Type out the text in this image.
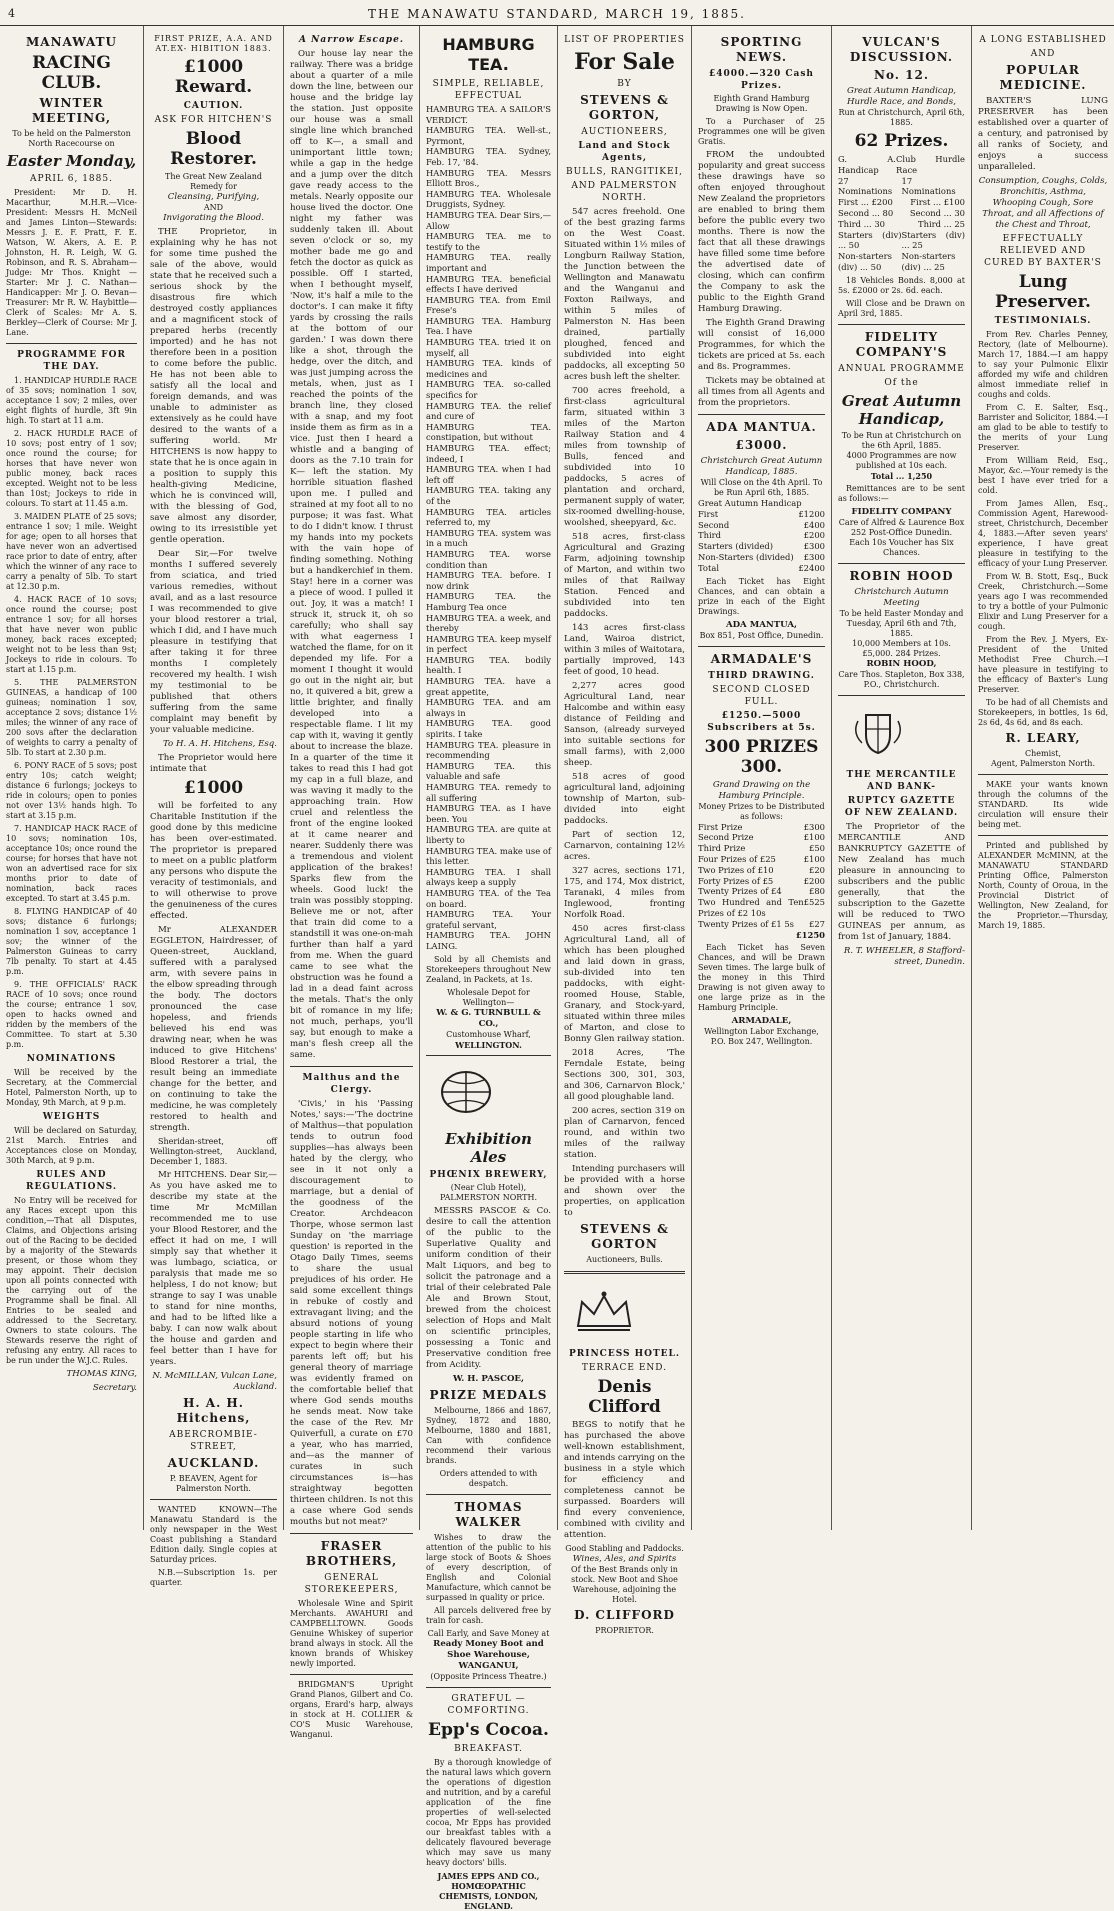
4	THE MANAWATU STANDARD, MARCH 19, 1885.
MANAWATU
RACING CLUB.
WINTER MEETING,
To be held on the Palmerston North Racecourse on
Easter Monday,
APRIL 6, 1885.
President: Mr D. H. Macarthur, M.H.R.—Vice-President: Messrs H. McNeil and James Linton—Stewards: Messrs J. E. F. Pratt, F. E. Watson, W. Akers, A. E. P. Johnston, H. R. Leigh, W. G. Robinson, and R. S. Abraham—Judge: Mr Thos. Knight —Starter: Mr J. C. Nathan—Handicapper: Mr J. O. Bevan—Treasurer: Mr R. W. Haybittle—Clerk of Scales: Mr A. S. Berkley—Clerk of Course: Mr J. Lane.
PROGRAMME FOR THE DAY.
1. HANDICAP HURDLE RACE of 35 sovs; nomination 1 sov, acceptance 1 sov; 2 miles, over eight flights of hurdle, 3ft 9in high. To start at 11 a.m.
2. HACK HURDLE RACE of 10 sovs; post entry of 1 sov; once round the course; for horses that have never won public money, back races excepted. Weight not to be less than 10st; Jockeys to ride in colours. To start at 11.45 a.m.
3. MAIDEN PLATE of 25 sovs; entrance 1 sov; 1 mile. Weight for age; open to all horses that have never won an advertised race prior to date of entry, after which the winner of any race to carry a penalty of 5lb. To start at 12.30 p.m.
4. HACK RACE of 10 sovs; once round the course; post entrance 1 sov; for all horses that have never won public money, back races excepted; weight not to be less than 9st; Jockeys to ride in colours. To start at 1.15 p.m.
5. THE PALMERSTON GUINEAS, a handicap of 100 guineas; nomination 1 sov, acceptance 2 sovs; distance 1½ miles; the winner of any race of 200 sovs after the declaration of weights to carry a penalty of 5lb. To start at 2.30 p.m.
6. PONY RACE of 5 sovs; post entry 10s; catch weight; distance 6 furlongs; jockeys to ride in colours; open to ponies not over 13½ hands high. To start at 3.15 p.m.
7. HANDICAP HACK RACE of 10 sovs; nomination 10s, acceptance 10s; once round the course; for horses that have not won an advertised race for six months prior to date of nomination, back races excepted. To start at 3.45 p.m.
8. FLYING HANDICAP of 40 sovs; distance 6 furlongs; nomination 1 sov, acceptance 1 sov; the winner of the Palmerston Guineas to carry 7lb penalty. To start at 4.45 p.m.
9. THE OFFICIALS' RACK RACE of 10 sovs; once round the course; entrance 1 sov, open to hacks owned and ridden by the members of the Committee. To start at 5.30 p.m.
NOMINATIONS
Will be received by the Secretary, at the Commercial Hotel, Palmerston North, up to Monday, 9th March, at 9 p.m.
WEIGHTS
Will be declared on Saturday, 21st March. Entries and Acceptances close on Monday, 30th March, at 9 p.m.
RULES AND REGULATIONS.
No Entry will be received for any Races except upon this condition,—That all Disputes, Claims, and Objections arising out of the Racing to be decided by a majority of the Stewards present, or those whom they may appoint. Their decision upon all points connected with the carrying out of the Programme shall be final. All Entries to be sealed and addressed to the Secretary. Owners to state colours. The Stewards reserve the right of refusing any entry. All races to be run under the W.J.C. Rules.
THOMAS KING,
Secretary.
FIRST PRIZE, A.A. AND AT.EX- HIBITION 1883.
£1000 Reward.
CAUTION.
ASK FOR HITCHEN'S
Blood Restorer.
The Great New Zealand Remedy for
Cleansing, Purifying,
AND
Invigorating the Blood.
THE Proprietor, in explaining why he has not for some time pushed the sale of the above, would state that he received such a serious shock by the disastrous fire which destroyed costly appliances and a magnificent stock of prepared herbs (recently imported) and he has not therefore been in a position to come before the public. He has not been able to satisfy all the local and foreign demands, and was unable to administer as extensively as he could have desired to the wants of a suffering world. Mr HITCHENS is now happy to state that he is once again in a position to supply this health-giving Medicine, which he is convinced will, with the blessing of God, save almost any disorder, owing to its irresistible yet gentle operation.
Dear Sir,—For twelve months I suffered severely from sciatica, and tried various remedies, without avail, and as a last resource I was recommended to give your blood restorer a trial, which I did, and I have much pleasure in testifying that after taking it for three months I completely recovered my health. I wish my testimonial to be published that others suffering from the same complaint may benefit by your valuable medicine.
To H. A. H. Hitchens, Esq.
The Proprietor would here intimate that
£1000
will be forfeited to any Charitable Institution if the good done by this medicine has been over-estimated. The proprietor is prepared to meet on a public platform any persons who dispute the veracity of testimonials, and to will otherwise to prove the genuineness of the cures effected.
Mr ALEXANDER EGGLETON, Hairdresser, of Queen-street, Auckland, suffered with a paralysed arm, with severe pains in the elbow spreading through the body. The doctors pronounced the case hopeless, and friends believed his end was drawing near, when he was induced to give Hitchens' Blood Restorer a trial, the result being an immediate change for the better, and on continuing to take the medicine, he was completely restored to health and strength.
Sheridan-street, off Wellington-street, Auckland, December 1, 1883.
Mr HITCHENS. Dear Sir,—As you have asked me to describe my state at the time Mr McMillan recommended me to use your Blood Restorer, and the effect it had on me, I will simply say that whether it was lumbago, sciatica, or paralysis that made me so helpless, I do not know; but strange to say I was unable to stand for nine months, and had to be lifted like a baby. I can now walk about the house and garden and feel better than I have for years.
N. McMILLAN, Vulcan Lane, Auckland.
H. A. H. Hitchens,
ABERCROMBIE-STREET,
AUCKLAND.
P. BEAVEN, Agent for Palmerston North.
WANTED KNOWN—The Manawatu Standard is the only newspaper in the West Coast publishing a Standard Edition daily. Single copies at Saturday prices.
N.B.—Subscription 1s. per quarter.
A Narrow Escape.
Our house lay near the railway. There was a bridge about a quarter of a mile down the line, between our house and the bridge lay the station. Just opposite our house was a small single line which branched off to K—, a small and unimportant little town; while a gap in the hedge and a jump over the ditch gave ready access to the metals. Nearly opposite our house lived the doctor. One night my father was suddenly taken ill. About seven o'clock or so, my mother bade me go and fetch the doctor as quick as possible. Off I started, when I bethought myself, 'Now, it's half a mile to the doctor's. I can make it fifty yards by crossing the rails at the bottom of our garden.' I was down there like a shot, through the hedge, over the ditch, and was just jumping across the metals, when, just as I reached the points of the branch line, they closed with a snap, and my foot inside them as firm as in a vice. Just then I heard a whistle and a banging of doors as the 7.10 train for K— left the station. My horrible situation flashed upon me. I pulled and strained at my foot all to no purpose; it was fast. What to do I didn't know. I thrust my hands into my pockets with the vain hope of finding something. Nothing but a handkerchief in them. Stay! here in a corner was a piece of wood. I pulled it out. Joy, it was a match! I struck it, struck it, oh so carefully; who shall say with what eagerness I watched the flame, for on it depended my life. For a moment I thought it would go out in the night air, but no, it quivered a bit, grew a little brighter, and finally developed into a respectable flame. I lit my cap with it, waving it gently about to increase the blaze. In a quarter of the time it takes to read this I had got my cap in a full blaze, and was waving it madly to the approaching train. How cruel and relentless the front of the engine looked at it came nearer and nearer. Suddenly there was a tremendous and violent application of the brakes! Sparks flew from the wheels. Good luck! the train was possibly stopping. Believe me or not, after that train did come to a standstill it was one-on-mah further than half a yard from me. When the guard came to see what the obstruction was he found a lad in a dead faint across the metals. That's the only bit of romance in my life; not much, perhaps, you'll say, but enough to make a man's flesh creep all the same.
Malthus and the Clergy.
'Civis,' in his 'Passing Notes,' says:—'The doctrine of Malthus—that population tends to outrun food supplies—has always been hated by the clergy, who see in it not only a discouragement to marriage, but a denial of the goodness of the Creator. Archdeacon Thorpe, whose sermon last Sunday on 'the marriage question' is reported in the Otago Daily Times, seems to share the usual prejudices of his order. He said some excellent things in rebuke of costly and extravagant living; and the absurd notions of young people starting in life who expect to begin where their parents left off; but his general theory of marriage was evidently framed on the comfortable belief that where God sends mouths he sends meat. Now take the case of the Rev. Mr Quiverfull, a curate on £70 a year, who has married, and—as the manner of curates in such circumstances is—has straightway begotten thirteen children. Is not this a case where God sends mouths but not meat?'
FRASER BROTHERS,
GENERAL STOREKEEPERS,
Wholesale Wine and Spirit Merchants. AWAHURI and CAMPBELLTOWN. Goods Genuine Whiskey of superior brand always in stock. All the known brands of Whiskey newly imported.
BRIDGMAN'S Upright Grand Pianos, Gilbert and Co. organs, Erard's harp, always in stock at H. COLLIER & CO'S Music Warehouse, Wanganui.
HAMBURG TEA.
SIMPLE, RELIABLE, EFFECTUAL
HAMBURG TEA. A SAILOR'S VERDICT.
HAMBURG TEA. Well-st., Pyrmont,
HAMBURG TEA. Sydney, Feb. 17, '84.
HAMBURG TEA. Messrs Elliott Bros.,
HAMBURG TEA. Wholesale Druggists, Sydney.
HAMBURG TEA. Dear Sirs,—Allow
HAMBURG TEA. me to testify to the
HAMBURG TEA. really important and
HAMBURG TEA. beneficial effects I have derived
HAMBURG TEA. from Emil Frese's
HAMBURG TEA. Hamburg Tea. I have
HAMBURG TEA. tried it on myself, all
HAMBURG TEA. kinds of medicines and
HAMBURG TEA. so-called specifics for
HAMBURG TEA. the relief and cure of
HAMBURG TEA. constipation, but without
HAMBURG TEA. effect; indeed, I
HAMBURG TEA. when I had left off
HAMBURG TEA. taking any of the
HAMBURG TEA. articles referred to, my
HAMBURG TEA. system was in a much
HAMBURG TEA. worse condition than
HAMBURG TEA. before. I now drink
HAMBURG TEA. the Hamburg Tea once
HAMBURG TEA. a week, and thereby
HAMBURG TEA. keep myself in perfect
HAMBURG TEA. bodily health. I
HAMBURG TEA. have a great appetite,
HAMBURG TEA. and am always in
HAMBURG TEA. good spirits. I take
HAMBURG TEA. pleasure in recommending
HAMBURG TEA. this valuable and safe
HAMBURG TEA. remedy to all suffering
HAMBURG TEA. as I have been. You
HAMBURG TEA. are quite at liberty to
HAMBURG TEA. make use of this letter.
HAMBURG TEA. I shall always keep a supply
HAMBURG TEA. of the Tea on board.
HAMBURG TEA. Your grateful servant,
HAMBURG TEA. JOHN LAING.
Sold by all Chemists and Storekeepers throughout New Zealand, in Packets, at 1s.
Wholesale Depot for Wellington—
W. & G. TURNBULL & CO.,
Customhouse Wharf,
WELLINGTON.
Exhibition Ales
PHŒNIX BREWERY,
(Near Club Hotel),
PALMERSTON NORTH.
MESSRS PASCOE & Co. desire to call the attention of the public to the Superlative Quality and uniform condition of their Malt Liquors, and beg to solicit the patronage and a trial of their celebrated Pale Ale and Brown Stout, brewed from the choicest selection of Hops and Malt on scientific principles, possessing a Tonic and Preservative condition free from Acidity.
W. H. PASCOE,
PRIZE MEDALS
Melbourne, 1866 and 1867, Sydney, 1872 and 1880, Melbourne, 1880 and 1881, Can with confidence recommend their various brands.
Orders attended to with despatch.
THOMAS WALKER
Wishes to draw the attention of the public to his large stock of Boots & Shoes of every description, of English and Colonial Manufacture, which cannot be surpassed in quality or price.
All parcels delivered free by train for cash.
Call Early, and Save Money at
Ready Money Boot and Shoe Warehouse,
WANGANUI,
(Opposite Princess Theatre.)
GRATEFUL — COMFORTING.
Epp's Cocoa.
BREAKFAST.
By a thorough knowledge of the natural laws which govern the operations of digestion and nutrition, and by a careful application of the fine properties of well-selected cocoa, Mr Epps has provided our breakfast tables with a delicately flavoured beverage which may save us many heavy doctors' bills.
JAMES EPPS AND CO., HOMŒOPATHIC CHEMISTS, LONDON, ENGLAND.
LIST OF PROPERTIES
For Sale
BY
STEVENS & GORTON,
AUCTIONEERS,
Land and Stock Agents,
BULLS, RANGITIKEI,
AND PALMERSTON NORTH.
547 acres freehold. One of the best grazing farms on the West Coast. Situated within 1½ miles of Longburn Railway Station, the Junction between the Wellington and Manawatu and the Wanganui and Foxton Railways, and within 5 miles of Palmerston N. Has been drained, partially ploughed, fenced and subdivided into eight paddocks, all excepting 50 acres bush left the shelter.
700 acres freehold, a first-class agricultural farm, situated within 3 miles of the Marton Railway Station and 4 miles from township of Bulls, fenced and subdivided into 10 paddocks, 5 acres of plantation and orchard, permanent supply of water, six-roomed dwelling-house, woolshed, sheepyard, &c.
518 acres, first-class Agricultural and Grazing Farm, adjoining township of Marton, and within two miles of that Railway Station. Fenced and subdivided into ten paddocks.
143 acres first-class Land, Wairoa district, within 3 miles of Waitotara, partially improved, 143 feet of good, 10 head.
2,277 acres good Agricultural Land, near Halcombe and within easy distance of Feilding and Sanson, (already surveyed into suitable sections for small farms), with 2,000 sheep.
518 acres of good agricultural land, adjoining township of Marton, sub-divided into eight paddocks.
Part of section 12, Carnarvon, containing 12½ acres.
327 acres, sections 171, 175, and 174, Mox district, Taranaki, 4 miles from Inglewood, fronting Norfolk Road.
450 acres first-class Agricultural Land, all of which has been ploughed and laid down in grass, sub-divided into ten paddocks, with eight-roomed House, Stable, Granary, and Stock-yard, situated within three miles of Marton, and close to Bonny Glen railway station.
2018 Acres, 'The Ferndale Estate, being Sections 300, 301, 303, and 306, Carnarvon Block,' all good ploughable land.
200 acres, section 319 on plan of Carnarvon, fenced round, and within two miles of the railway station.
Intending purchasers will be provided with a horse and shown over the properties, on application to
STEVENS & GORTON
Auctioneers, Bulls.
PRINCESS HOTEL.
TERRACE END.
Denis Clifford
BEGS to notify that he has purchased the above well-known establishment, and intends carrying on the business in a style which for efficiency and completeness cannot be surpassed. Boarders will find every convenience, combined with civility and attention.
Good Stabling and Paddocks.
Wines, Ales, and Spirits
Of the Best Brands only in stock. New Boot and Shoe Warehouse, adjoining the Hotel.
D. CLIFFORD
PROPRIETOR.
SPORTING NEWS.
£4000.—320 Cash Prizes.
Eighth Grand Hamburg Drawing is Now Open.
To a Purchaser of 25 Programmes one will be given Gratis.
FROM the undoubted popularity and great success these drawings have so often enjoyed throughout New Zealand the proprietors are enabled to bring them before the public every two months. There is now the fact that all these drawings have filled some time before the advertised date of closing, which can confirm the Company to ask the public to the Eighth Grand Hamburg Drawing.
The Eighth Grand Drawing will consist of 16,000 Programmes, for which the tickets are priced at 5s. each and 8s. Programmes.
Tickets may be obtained at all times from all Agents and from the proprietors.
ADA MANTUA.
£3000.
Christchurch Great Autumn Handicap, 1885.
Will Close on the 4th April. To be Run April 6th, 1885.
Great Autumn Handicap
First	£1200
Second	£400
Third	£200
Starters (divided)	£300
Non-Starters (divided) £300
Total	£2400
Each Ticket has Eight Chances, and can obtain a prize in each of the Eight Drawings.
ADA MANTUA,
Box 851, Post Office, Dunedin.
ARMADALE'S
THIRD DRAWING.
SECOND CLOSED FULL.
£1250.—5000 Subscribers at 5s.
300 PRIZES 300.
Grand Drawing on the Hamburg Principle.
Money Prizes to be Distributed as follows:
First Prize	£300
Second Prize	£100
Third Prize	£50
Four Prizes of £25	£100
Two Prizes of £10	£20
Forty Prizes of £5	£200
Twenty Prizes of £4	£80
Two Hundred and Ten Prizes of £2 10s
£525
Twenty Prizes of £1 5s £27
£1250
Each Ticket has Seven Chances, and will be Drawn Seven times. The large bulk of the money in this Third Drawing is not given away to one large prize as in the Hamburg Principle.
ARMADALE,
Wellington Labor Exchange, P.O. Box 247, Wellington.
VULCAN'S DISCUSSION.
No. 12.
Great Autumn Handicap, Hurdle Race, and Bonds,
Run at Christchurch, April 6th, 1885.
62 Prizes.
G. A. Handicap
Club Hurdle Race
27 Nominations
17 Nominations
First ... £200 First ... £100
Second ... 80 Second ... 30
Third ... 30	Third ... 25
Starters (div) ... 50
Starters (div) ... 25
Non-starters (div) ... 50
Non-starters (div) ... 25
18 Vehicles Bonds. 8,000 at 5s. £2000 or 2s. 6d. each.
Will Close and be Drawn on April 3rd, 1885.
FIDELITY COMPANY'S
ANNUAL PROGRAMME
Of the
Great Autumn Handicap,
To be Run at Christchurch on the 6th April, 1885.
4000 Programmes are now published at 10s each.
Total ... 1,250
Remittances are to be sent as follows:—
FIDELITY COMPANY
Care of Alfred & Laurence Box 252 Post-Office Dunedin.
Each 10s Voucher has Six Chances.
ROBIN HOOD
Christchurch Autumn Meeting
To be held Easter Monday and Tuesday, April 6th and 7th, 1885.
10,000 Members at 10s. £5,000. 284 Prizes.
ROBIN HOOD,
Care Thos. Stapleton, Box 338, P.O., Christchurch.
THE MERCANTILE AND BANK-
RUPTCY GAZETTE OF NEW ZEALAND.
The Proprietor of the MERCANTILE AND BANKRUPTCY GAZETTE of New Zealand has much pleasure in announcing to subscribers and the public generally, that the subscription to the Gazette will be reduced to TWO GUINEAS per annum, as from 1st of January, 1884.
R. T. WHEELER, 8 Stafford-street, Dunedin.
A LONG ESTABLISHED
AND
POPULAR MEDICINE.
BAXTER'S LUNG PRESERVER has been established over a quarter of a century, and patronised by all ranks of Society, and enjoys a success unparalleled.
Consumption, Coughs, Colds, Bronchitis, Asthma, Whooping Cough, Sore Throat, and all Affections of the Chest and Throat,
EFFECTUALLY RELIEVED AND CURED BY BAXTER'S
Lung Preserver.
TESTIMONIALS.
From Rev. Charles Penney, Rectory, (late of Melbourne). March 17, 1884.—I am happy to say your Pulmonic Elixir afforded my wife and children almost immediate relief in coughs and colds.
From C. E. Salter, Esq., Barrister and Solicitor, 1884.—I am glad to be able to testify to the merits of your Lung Preserver.
From William Reid, Esq., Mayor, &c.—Your remedy is the best I have ever tried for a cold.
From James Allen, Esq., Commission Agent, Harewood-street, Christchurch, December 4, 1883.—After seven years' experience, I have great pleasure in testifying to the efficacy of your Lung Preserver.
From W. B. Stott, Esq., Buck Creek, Christchurch.—Some years ago I was recommended to try a bottle of your Pulmonic Elixir and Lung Preserver for a cough.
From the Rev. J. Myers, Ex-President of the United Methodist Free Church.—I have pleasure in testifying to the efficacy of Baxter's Lung Preserver.
To be had of all Chemists and Storekeepers, in bottles, 1s 6d, 2s 6d, 4s 6d, and 8s each.
R. LEARY,
Chemist,
Agent, Palmerston North.
MAKE your wants known through the columns of the STANDARD. Its wide circulation will ensure their being met.
Printed and published by ALEXANDER McMINN, at the MANAWATU STANDARD Printing Office, Palmerston North, County of Oroua, in the Provincial District of Wellington, New Zealand, for the Proprietor.—Thursday, March 19, 1885.
